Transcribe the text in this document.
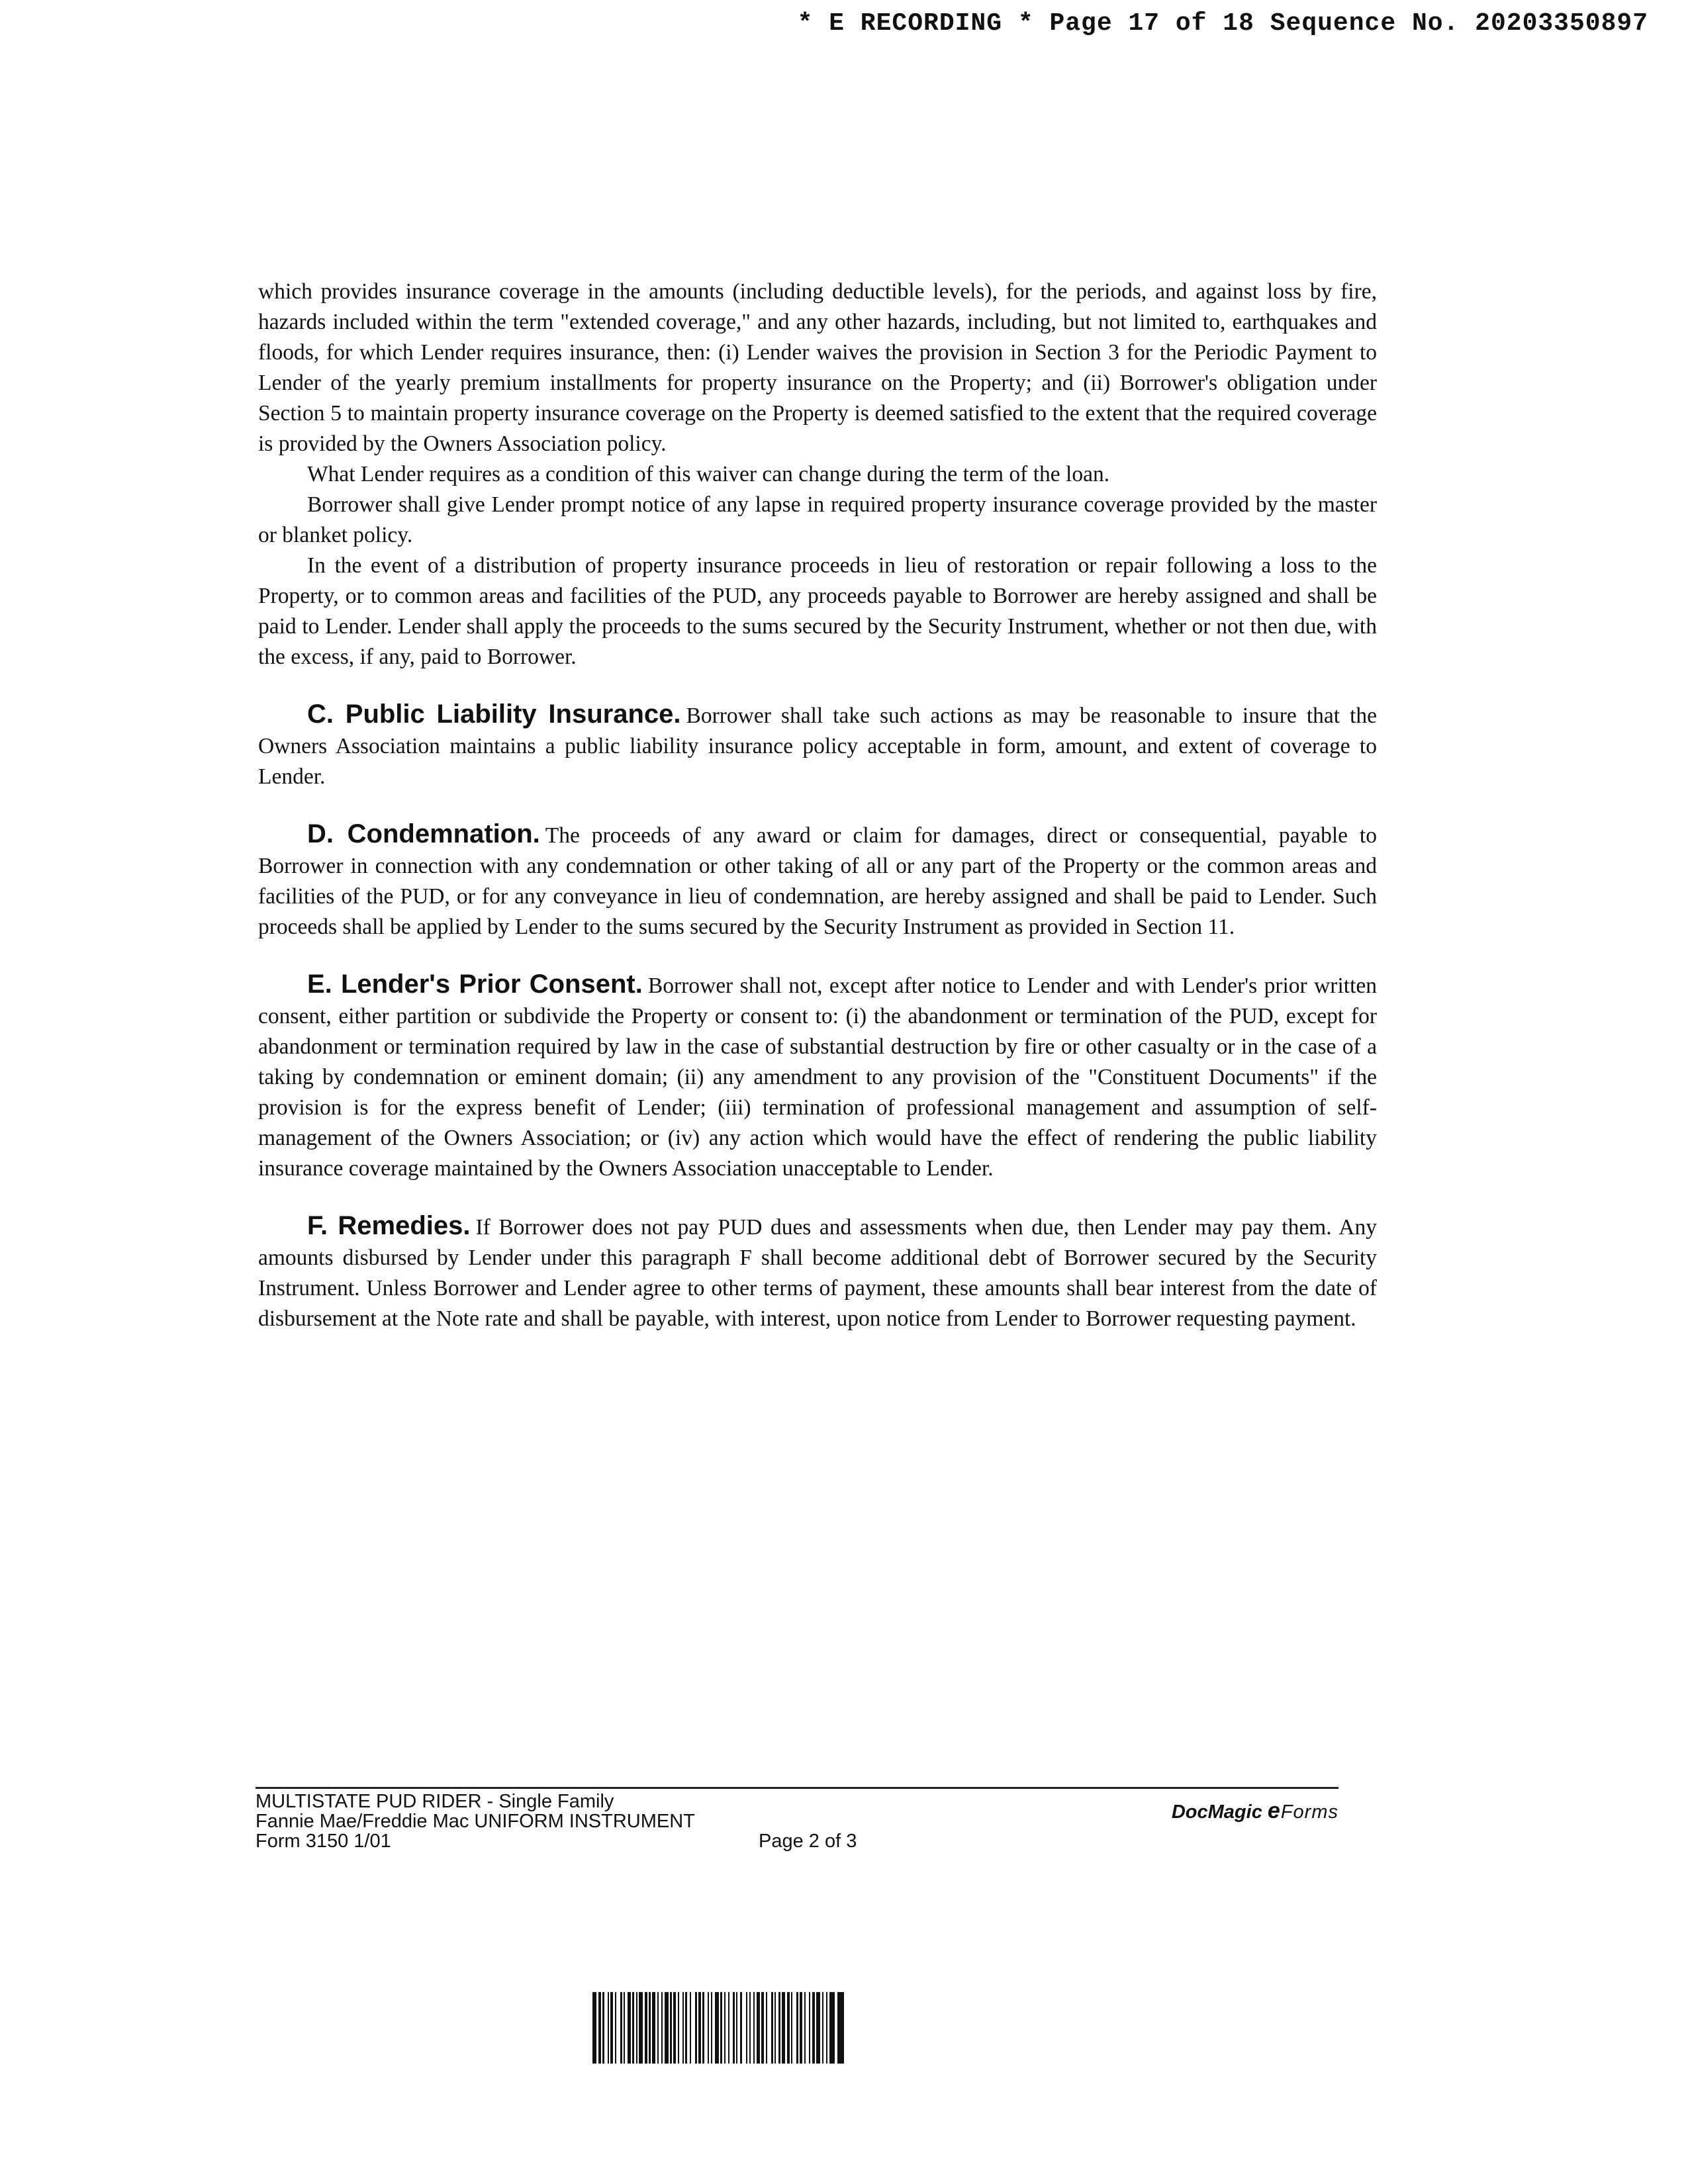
* E RECORDING * Page 17 of 18 Sequence No. 20203350897

which provides insurance coverage in the amounts (including deductible levels), for the periods, and against loss by fire, hazards included within the term "extended coverage," and any other hazards, including, but not limited to, earthquakes and floods, for which Lender requires insurance, then: (i) Lender waives the provision in Section 3 for the Periodic Payment to Lender of the yearly premium installments for property insurance on the Property; and (ii) Borrower's obligation under Section 5 to maintain property insurance coverage on the Property is deemed satisfied to the extent that the required coverage is provided by the Owners Association policy.

What Lender requires as a condition of this waiver can change during the term of the loan.

Borrower shall give Lender prompt notice of any lapse in required property insurance coverage provided by the master or blanket policy.

In the event of a distribution of property insurance proceeds in lieu of restoration or repair following a loss to the Property, or to common areas and facilities of the PUD, any proceeds payable to Borrower are hereby assigned and shall be paid to Lender. Lender shall apply the proceeds to the sums secured by the Security Instrument, whether or not then due, with the excess, if any, paid to Borrower.

C. Public Liability Insurance. Borrower shall take such actions as may be reasonable to insure that the Owners Association maintains a public liability insurance policy acceptable in form, amount, and extent of coverage to Lender.

D. Condemnation. The proceeds of any award or claim for damages, direct or consequential, payable to Borrower in connection with any condemnation or other taking of all or any part of the Property or the common areas and facilities of the PUD, or for any conveyance in lieu of condemnation, are hereby assigned and shall be paid to Lender. Such proceeds shall be applied by Lender to the sums secured by the Security Instrument as provided in Section 11.

E. Lender's Prior Consent. Borrower shall not, except after notice to Lender and with Lender's prior written consent, either partition or subdivide the Property or consent to: (i) the abandonment or termination of the PUD, except for abandonment or termination required by law in the case of substantial destruction by fire or other casualty or in the case of a taking by condemnation or eminent domain; (ii) any amendment to any provision of the "Constituent Documents" if the provision is for the express benefit of Lender; (iii) termination of professional management and assumption of self-management of the Owners Association; or (iv) any action which would have the effect of rendering the public liability insurance coverage maintained by the Owners Association unacceptable to Lender.

F. Remedies. If Borrower does not pay PUD dues and assessments when due, then Lender may pay them. Any amounts disbursed by Lender under this paragraph F shall become additional debt of Borrower secured by the Security Instrument. Unless Borrower and Lender agree to other terms of payment, these amounts shall bear interest from the date of disbursement at the Note rate and shall be payable, with interest, upon notice from Lender to Borrower requesting payment.

MULTISTATE PUD RIDER - Single Family
Fannie Mae/Freddie Mac UNIFORM INSTRUMENT
Form 3150 1/01	Page 2 of 3
DocMagic eForms
